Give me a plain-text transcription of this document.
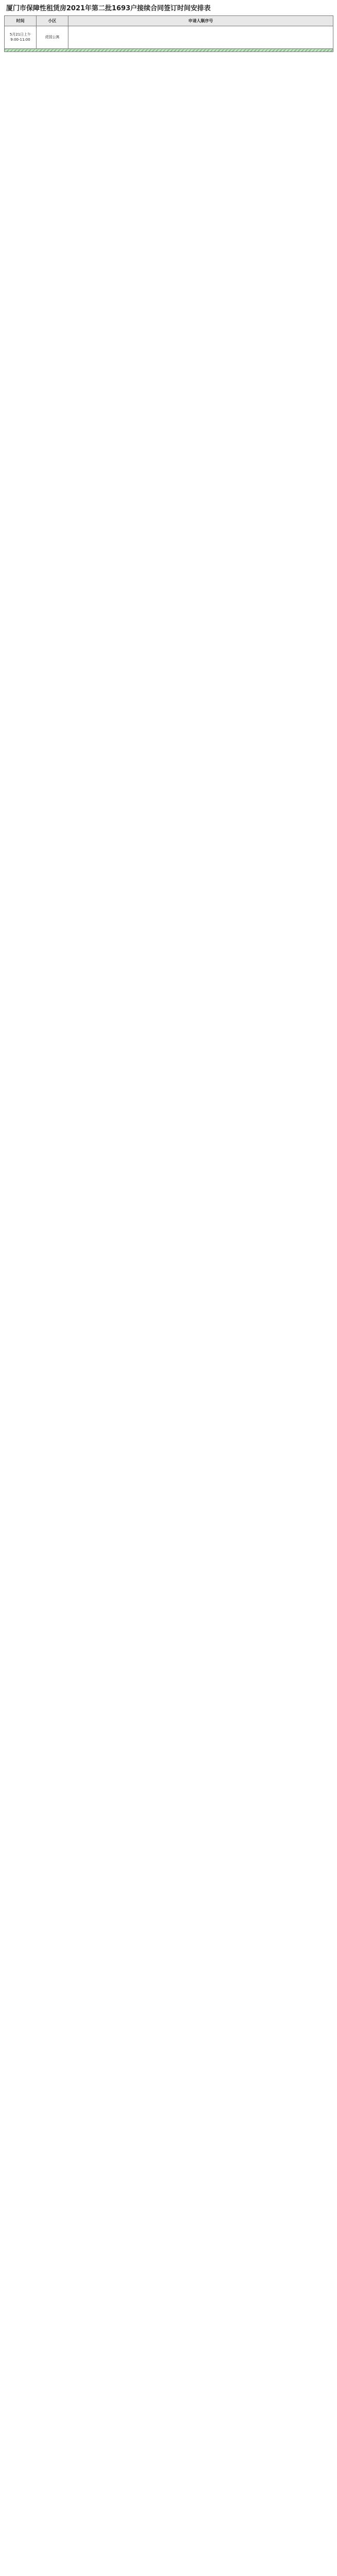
厦门市保障性租赁房2021年第二批1693户接续合同签订时间安排表
时间	小区	申请人顺序号
5月21日上午 9:00-11:00	虎园公寓	
